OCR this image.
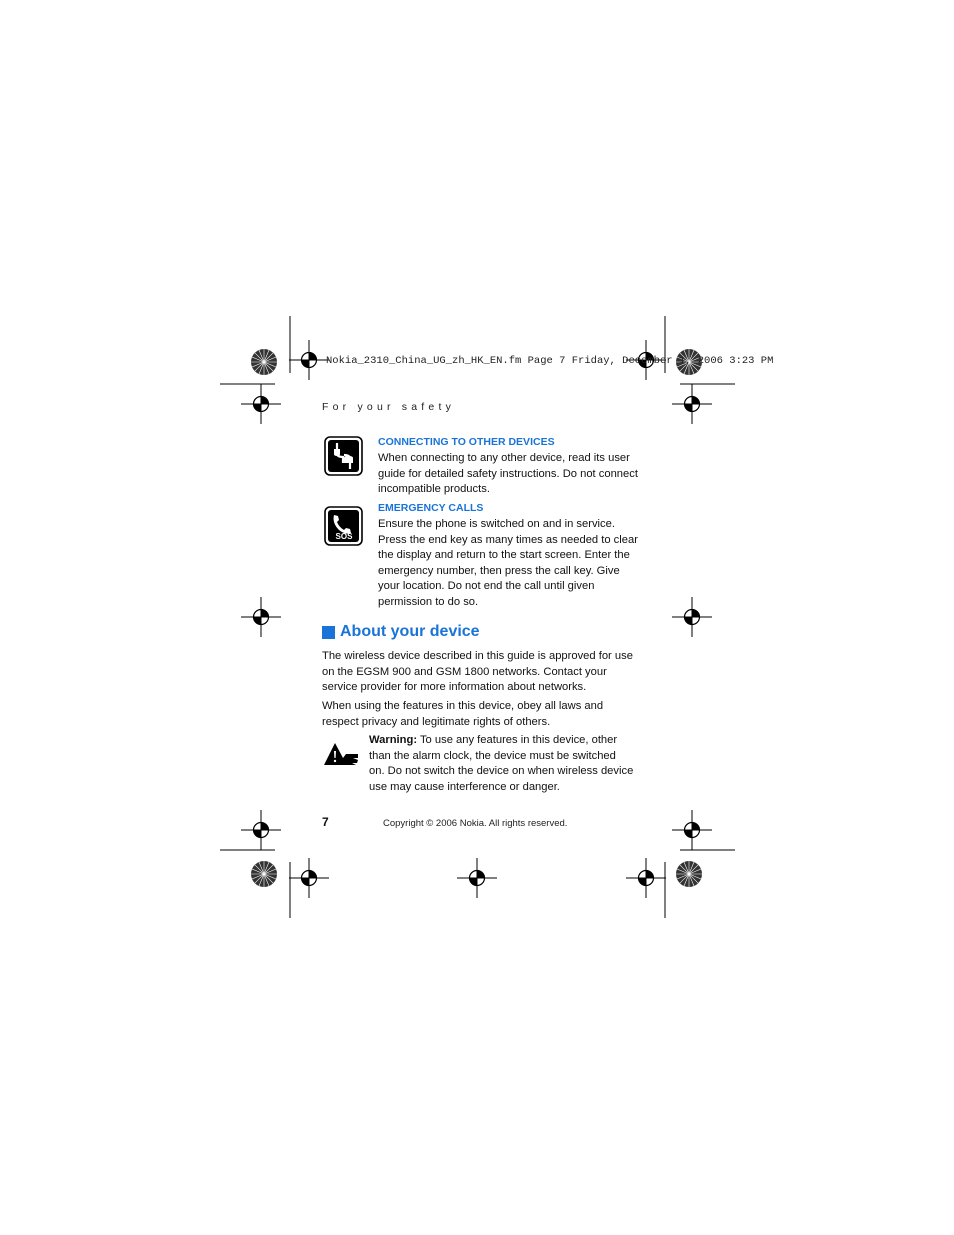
Nokia_2310_China_UG_zh_HK_EN.fm Page 7 Friday, December 1, 2006 3:23 PM
For your safety
CONNECTING TO OTHER DEVICES
When connecting to any other device, read its user guide for detailed safety instructions. Do not connect incompatible products.
SOS
EMERGENCY CALLS
Ensure the phone is switched on and in service. Press the end key as many times as needed to clear the display and return to the start screen. Enter the emergency number, then press the call key. Give your location. Do not end the call until given permission to do so.
About your device
The wireless device described in this guide is approved for use on the EGSM 900 and GSM 1800 networks. Contact your service provider for more information about networks.
When using the features in this device, obey all laws and respect privacy and legitimate rights of others.
Warning: To use any features in this device, other than the alarm clock, the device must be switched on. Do not switch the device on when wireless device use may cause interference or danger.
7	Copyright © 2006 Nokia. All rights reserved.
